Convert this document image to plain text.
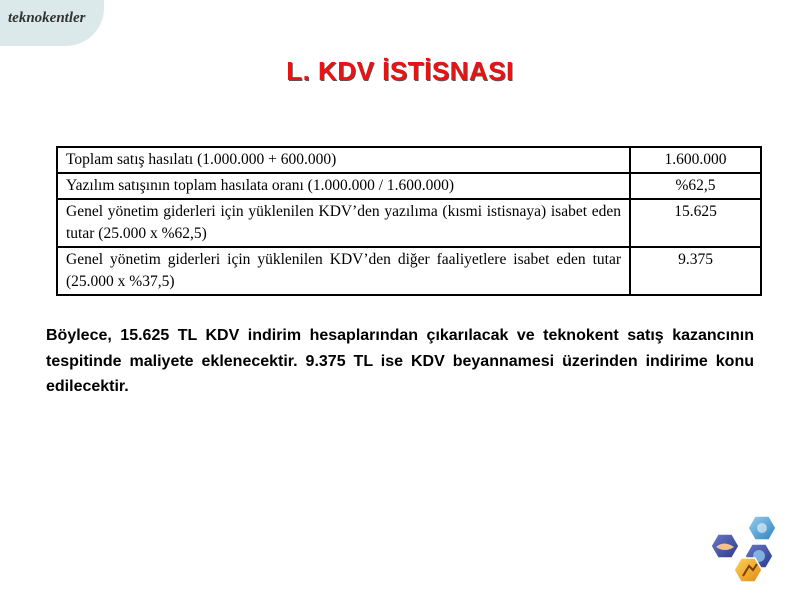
teknokentler
L. KDV İSTİSNASI
Toplam satış hasılatı (1.000.000 + 600.000)	1.600.000
Yazılım satışının toplam hasılata oranı (1.000.000 / 1.600.000)	%62,5
Genel yönetim giderleri için yüklenilen KDV’den yazılıma (kısmi istisnaya) isabet eden tutar (25.000 x %62,5)	15.625
Genel yönetim giderleri için yüklenilen KDV’den diğer faaliyetlere isabet eden tutar (25.000 x %37,5)	9.375
Böylece, 15.625 TL KDV indirim hesaplarından çıkarılacak ve teknokent satış kazancının tespitinde maliyete eklenecektir. 9.375 TL ise KDV beyannamesi üzerinden indirime konu edilecektir.
